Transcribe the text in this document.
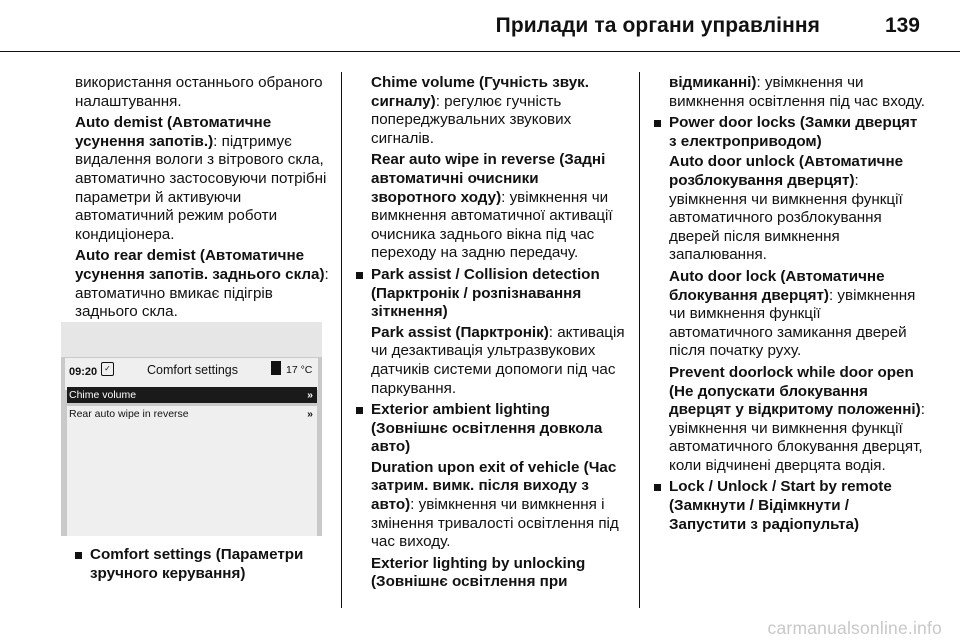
Прилади та органи управління	139

використання останнього обраного налаштування.

Auto demist (Автоматичне усунення запотів.): підтримує видалення вологи з вітрового скла, автоматично застосовуючи потрібні параметри й активуючи автоматичний режим роботи кондиціонера.

Auto rear demist (Автоматичне усунення запотів. заднього скла): автоматично вмикає підігрів заднього скла.

09:20 ✓	Comfort settings	17 °C
Chime volume	»
Rear auto wipe in reverse	»
Comfort settings (Параметри зручного керування)

Chime volume (Гучність звук. сигналу): регулює гучність попереджувальних звукових сигналів.

Rear auto wipe in reverse (Задні автоматичні очисники зворотного ходу): увімкнення чи вимкнення автоматичної активації очисника заднього вікна під час переходу на задню передачу.

Park assist / Collision detection (Парктронік / розпізнавання зіткнення)

Park assist (Парктронік): активація чи дезактивація ультразвукових датчиків системи допомоги під час паркування.

Exterior ambient lighting (Зовнішнє освітлення довкола авто)

Duration upon exit of vehicle (Час затрим. вимк. після виходу з авто): увімкнення чи вимкнення і змінення тривалості освітлення під час виходу.

Exterior lighting by unlocking (Зовнішнє освітлення при

відмиканні): увімкнення чи вимкнення освітлення під час входу.

Power door locks (Замки дверцят з електроприводом)

Auto door unlock (Автоматичне розблокування дверцят): увімкнення чи вимкнення функції автоматичного розблокування дверей після вимкнення запалювання.

Auto door lock (Автоматичне блокування дверцят): увімкнення чи вимкнення функції автоматичного замикання дверей після початку руху.

Prevent doorlock while door open (Не допускати блокування дверцят у відкритому положенні): увімкнення чи вимкнення функції автоматичного блокування дверцят, коли відчинені дверцята водія.

Lock / Unlock / Start by remote (Замкнути / Відімкнути / Запустити з радіопульта)
carmanualsonline.info
